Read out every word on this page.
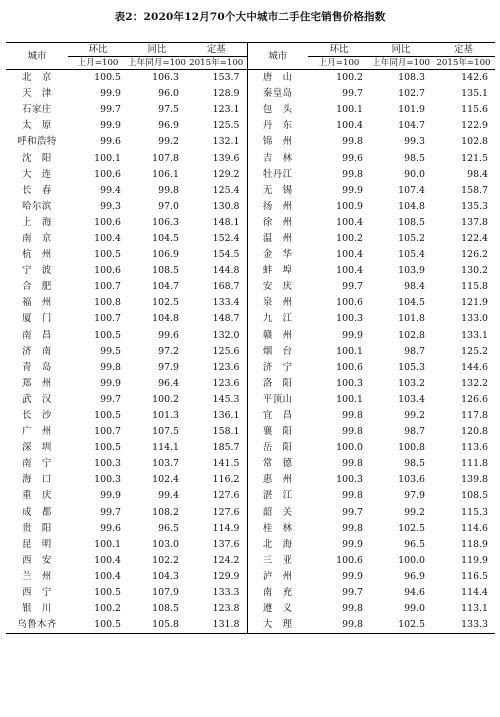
表2：2020年12月70个大中城市二手住宅销售价格指数
城市	环比	同比	定基	城市	环比	同比	定基
	上月=100	上年同月=100	2015年=100		上月=100	上年同月=100	2015年=100
北　京	100.5	106.3	153.7	唐　山	100.2	108.3	142.6
天　津	99.9	96.0	128.9	秦皇岛	99.7	102.7	135.1
石家庄	99.7	97.5	123.1	包　头	100.1	101.9	115.6
太　原	99.9	96.9	125.5	丹　东	100.4	104.7	122.9
呼和浩特	99.6	99.2	132.1	锦　州	99.8	99.3	102.8
沈　阳	100.1	107.8	139.6	吉　林	99.6	98.5	121.5
大　连	100.6	106.1	129.2	牡丹江	99.8	90.0	98.4
长　春	99.4	99.8	125.4	无　锡	99.9	107.4	158.7
哈尔滨	99.3	97.0	130.8	扬　州	100.9	104.8	135.3
上　海	100.6	106.3	148.1	徐　州	100.4	108.5	137.8
南　京	100.4	104.5	152.4	温　州	100.2	105.2	122.4
杭　州	100.5	106.9	154.5	金　华	100.4	105.4	126.2
宁　波	100.6	108.5	144.8	蚌　埠	100.4	103.9	130.2
合　肥	100.7	104.7	168.7	安　庆	99.7	98.4	115.8
福　州	100.8	102.5	133.4	泉　州	100.6	104.5	121.9
厦　门	100.7	104.8	148.7	九　江	100.3	101.8	133.0
南　昌	100.5	99.6	132.0	赣　州	99.9	102.8	133.1
济　南	99.5	97.2	125.6	烟　台	100.1	98.7	125.2
青　岛	99.8	97.9	123.6	济　宁	100.6	105.3	144.6
郑　州	99.9	96.4	123.6	洛　阳	100.3	103.2	132.2
武　汉	99.7	100.2	145.3	平顶山	100.1	103.4	126.6
长　沙	100.5	101.3	136.1	宜　昌	99.8	99.2	117.8
广　州	100.7	107.5	158.1	襄　阳	99.8	98.7	120.8
深　圳	100.5	114.1	185.7	岳　阳	100.0	100.8	113.6
南　宁	100.3	103.7	141.5	常　德	99.8	98.5	111.8
海　口	100.3	102.4	116.2	惠　州	100.3	103.6	139.8
重　庆	99.9	99.4	127.6	湛　江	99.8	97.9	108.5
成　都	99.7	108.2	127.6	韶　关	99.7	99.2	115.3
贵　阳	99.6	96.5	114.9	桂　林	99.8	102.5	114.6
昆　明	100.1	103.0	137.6	北　海	99.9	96.5	118.9
西　安	100.4	102.2	124.2	三　亚	100.6	100.0	119.9
兰　州	100.4	104.3	129.9	泸　州	99.9	96.9	116.5
西　宁	100.5	107.9	133.3	南　充	99.7	94.6	114.4
银　川	100.2	108.5	123.8	遵　义	99.8	99.0	113.1
乌鲁木齐	100.5	105.8	131.8	大　理	99.8	102.5	133.3
